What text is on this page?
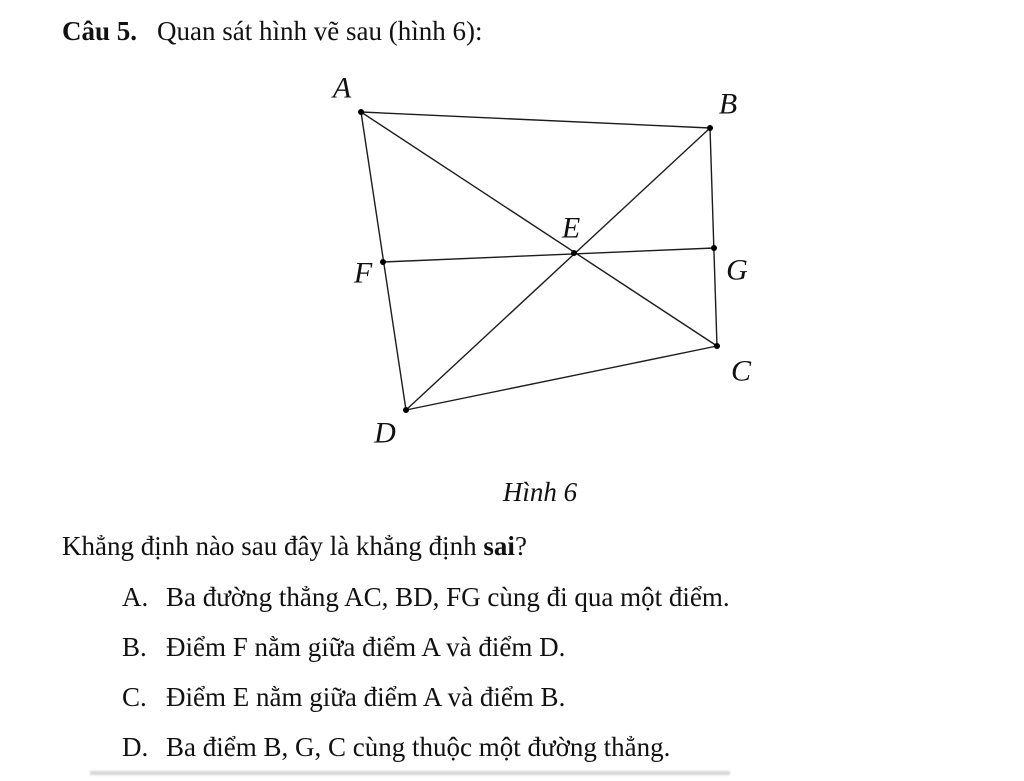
Câu 5. Quan sát hình vẽ sau (hình 6):
A	B
C
D
E
F	G
Hình 6
Khẳng định nào sau đây là khẳng định sai?
A. Ba đường thẳng AC, BD, FG cùng đi qua một điểm.
B. Điểm F nằm giữa điểm A và điểm D.
C. Điểm E nằm giữa điểm A và điểm B.
D. Ba điểm B, G, C cùng thuộc một đường thẳng.
